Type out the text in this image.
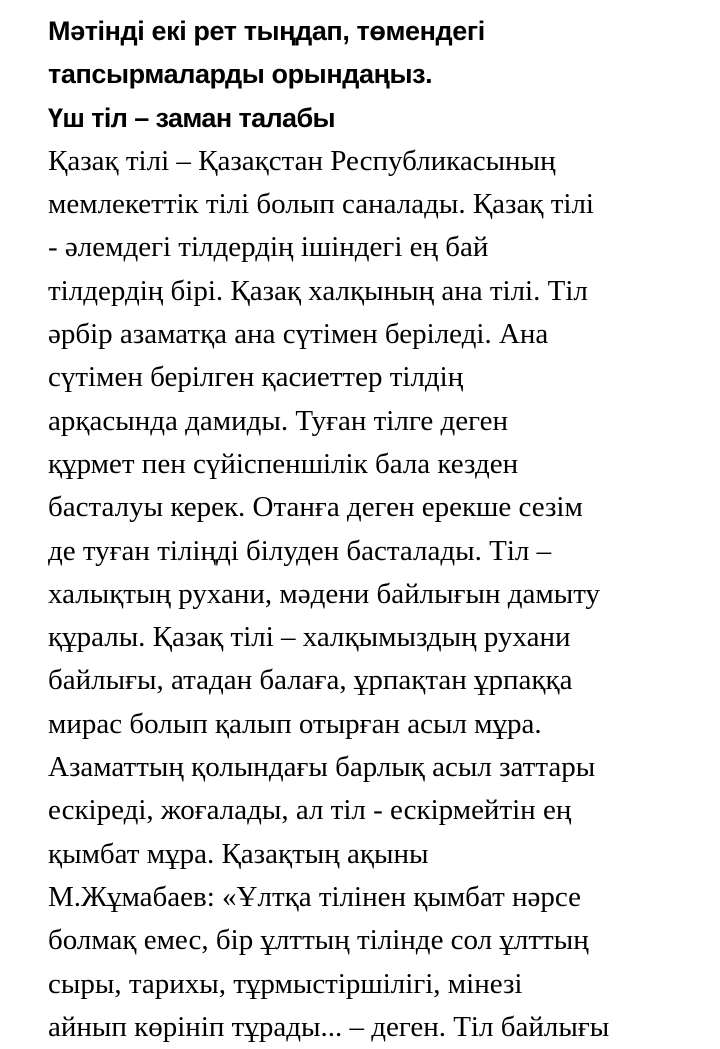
Мәтінді екі рет тыңдап, төмендегі
тапсырмаларды орындаңыз.
Үш тіл – заман талабы
Қазақ тілі – Қазақстан Республикасының
мемлекеттік тілі болып саналады. Қазақ тілі
- әлемдегі тілдердің ішіндегі ең бай
тілдердің бірі. Қазақ халқының ана тілі. Тіл
әрбір азаматқа ана сүтімен беріледі. Ана
сүтімен берілген қасиеттер тілдің
арқасында дамиды. Туған тілге деген
құрмет пен сүйіспеншілік бала кезден
басталуы керек. Отанға деген ерекше сезім
де туған тіліңді білуден басталады. Тіл –
халықтың рухани, мәдени байлығын дамыту
құралы. Қазақ тілі – халқымыздың рухани
байлығы, атадан балаға, ұрпақтан ұрпаққа
мирас болып қалып отырған асыл мұра.
Азаматтың қолындағы барлық асыл заттары
ескіреді, жоғалады, ал тіл - ескірмейтін ең
қымбат мұра. Қазақтың ақыны
М.Жұмабаев: «Ұлтқа тілінен қымбат нәрсе
болмақ емес, бір ұлттың тілінде сол ұлттың
сыры, тарихы, тұрмыстіршілігі, мінезі
айнып көрініп тұрады... – деген. Тіл байлығы
